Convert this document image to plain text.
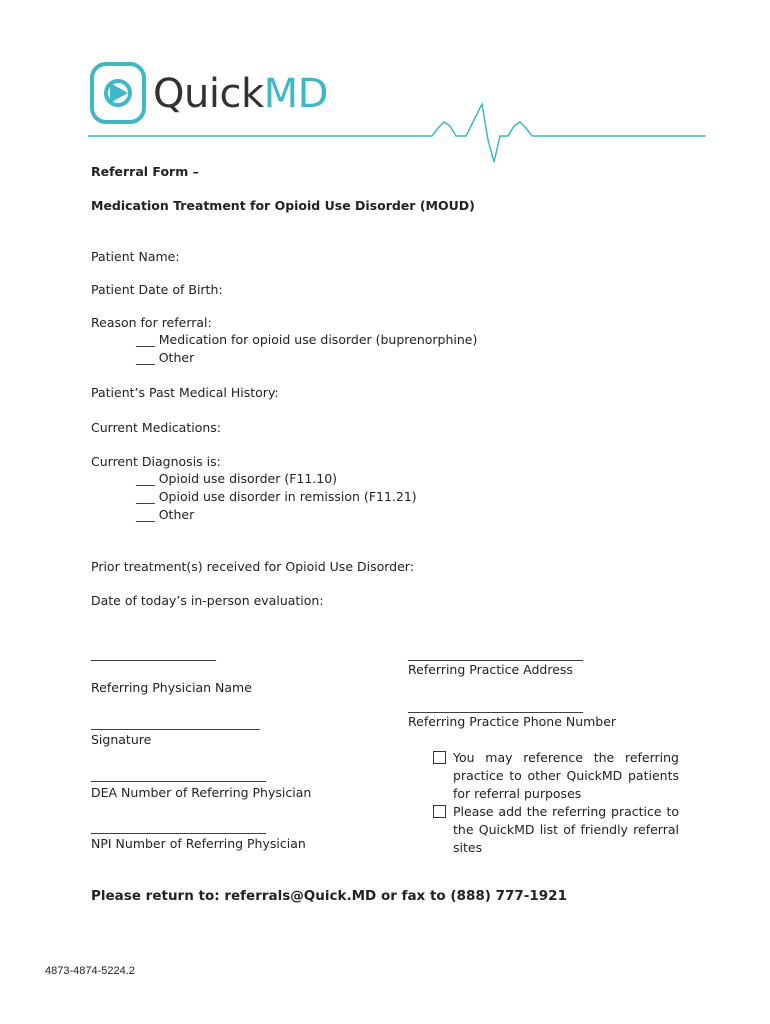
QuickMD
Referral Form –
Medication Treatment for Opioid Use Disorder (MOUD)
Patient Name:
Patient Date of Birth:
Reason for referral:
___ Medication for opioid use disorder (buprenorphine)
___ Other
Patient’s Past Medical History:
Current Medications:
Current Diagnosis is:
___ Opioid use disorder (F11.10)
___ Opioid use disorder in remission (F11.21)
___ Other
Prior treatment(s) received for Opioid Use Disorder:
Date of today’s in-person evaluation:
____________________
Referring Physician Name
___________________________
Signature
____________________________
DEA Number of Referring Physician
____________________________
NPI Number of Referring Physician
____________________________
Referring Practice Address
____________________________
Referring Practice Phone Number
You may reference the referring practice to other QuickMD patients for referral purposes
Please add the referring practice to the QuickMD list of friendly referral sites
Please return to: referrals@Quick.MD or fax to (888) 777-1921
4873-4874-5224.2
